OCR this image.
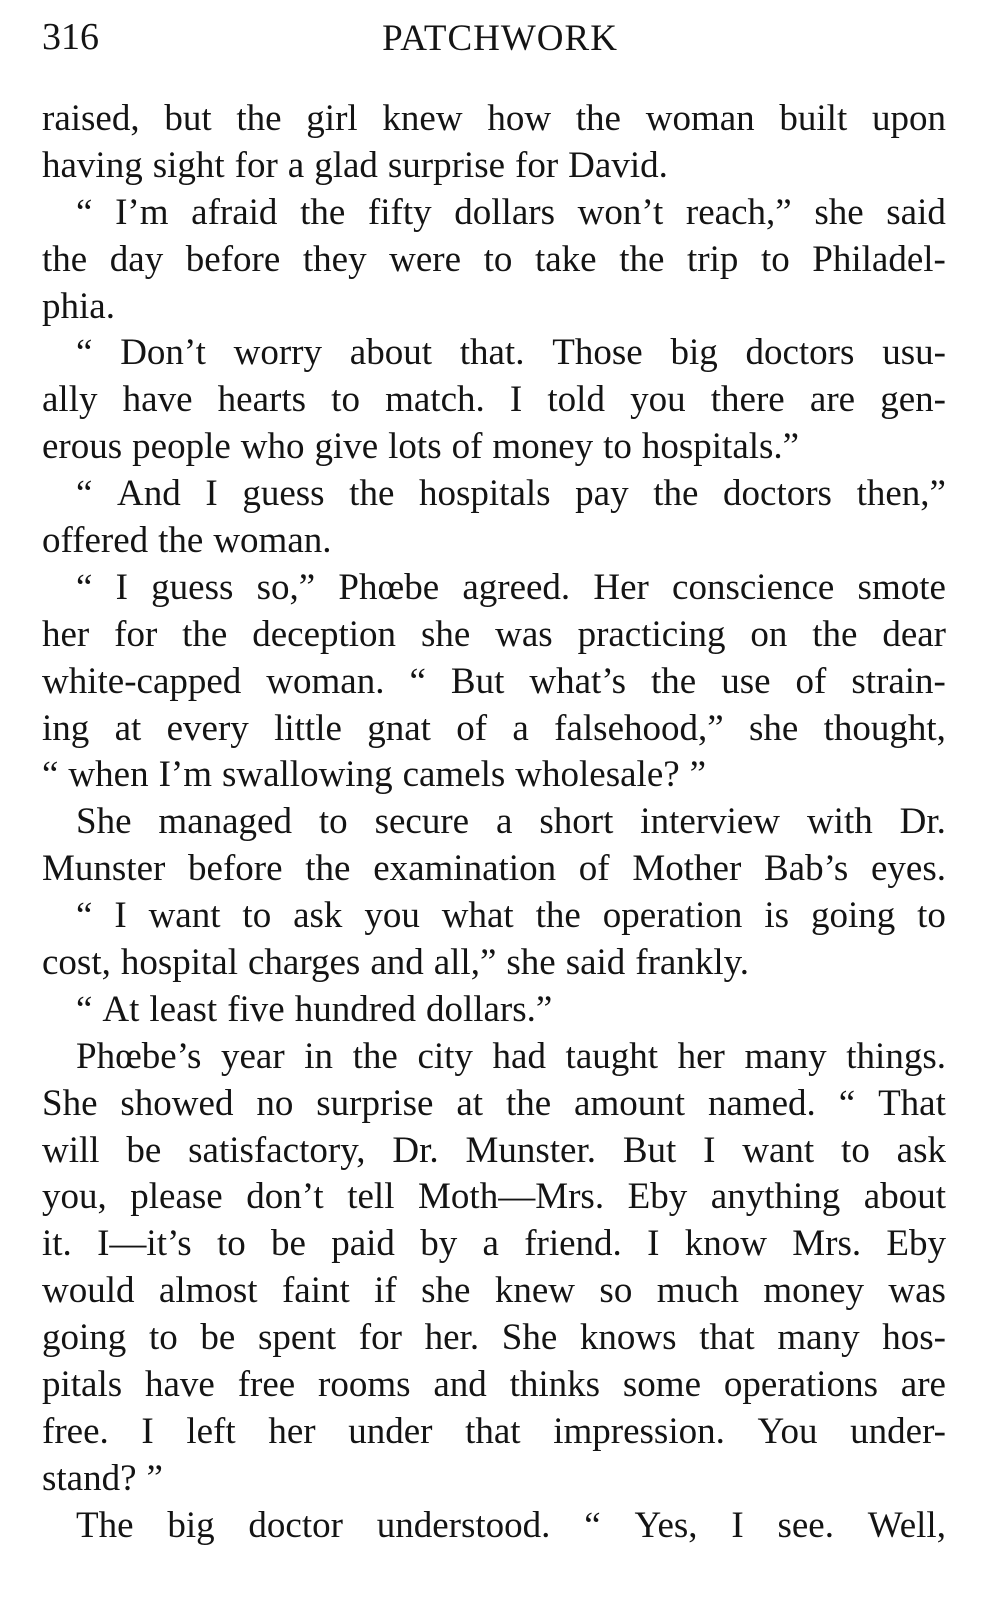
316	PATCHWORK
raised, but the girl knew how the woman built upon
having sight for a glad surprise for David.
“ I’m afraid the fifty dollars won’t reach,” she said
the day before they were to take the trip to Philadel-
phia.
“ Don’t worry about that. Those big doctors usu-
ally have hearts to match. I told you there are gen-
erous people who give lots of money to hospitals.”
“ And I guess the hospitals pay the doctors then,”
offered the woman.
“ I guess so,” Phœbe agreed. Her conscience smote
her for the deception she was practicing on the dear
white-capped woman. “ But what’s the use of strain-
ing at every little gnat of a falsehood,” she thought,
“ when I’m swallowing camels wholesale? ”
She managed to secure a short interview with Dr.
Munster before the examination of Mother Bab’s eyes.
“ I want to ask you what the operation is going to
cost, hospital charges and all,” she said frankly.
“ At least five hundred dollars.”
Phœbe’s year in the city had taught her many things.
She showed no surprise at the amount named. “ That
will be satisfactory, Dr. Munster. But I want to ask
you, please don’t tell Moth—Mrs. Eby anything about
it. I—it’s to be paid by a friend. I know Mrs. Eby
would almost faint if she knew so much money was
going to be spent for her. She knows that many hos-
pitals have free rooms and thinks some operations are
free. I left her under that impression. You under-
stand? ”
The big doctor understood. “ Yes, I see. Well,
